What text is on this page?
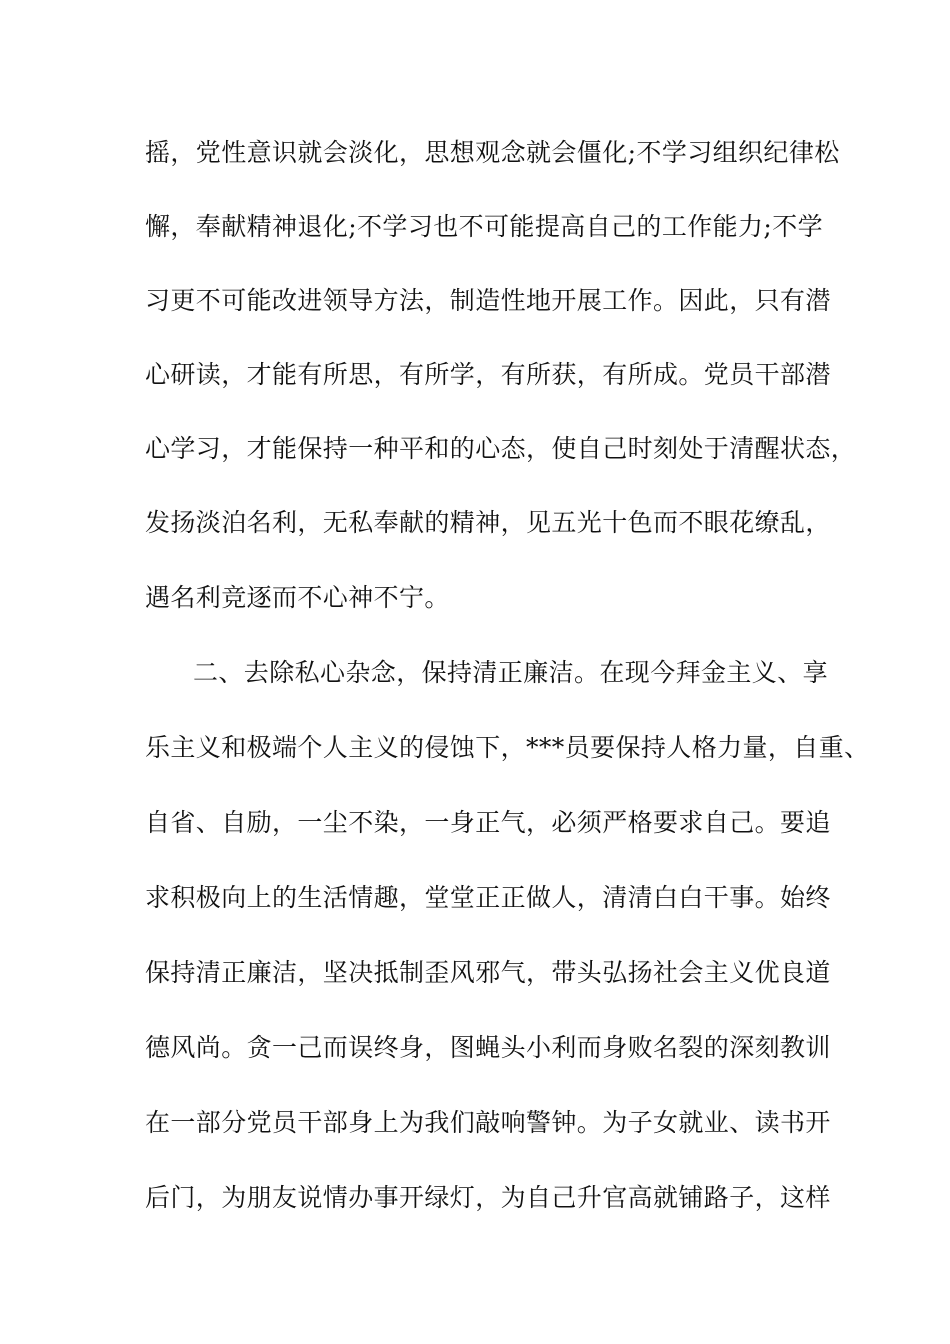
摇，党性意识就会淡化，思想观念就会僵化;不学习组织纪律松
懈，奉献精神退化;不学习也不可能提高自己的工作能力;不学
习更不可能改进领导方法，制造性地开展工作。因此，只有潜
心研读，才能有所思，有所学，有所获，有所成。党员干部潜
心学习，才能保持一种平和的心态，使自己时刻处于清醒状态，
发扬淡泊名利，无私奉献的精神，见五光十色而不眼花缭乱，
遇名利竞逐而不心神不宁。
二、去除私心杂念，保持清正廉洁。在现今拜金主义、享
乐主义和极端个人主义的侵蚀下，***员要保持人格力量，自重、
自省、自励，一尘不染，一身正气，必须严格要求自己。要追
求积极向上的生活情趣，堂堂正正做人，清清白白干事。始终
保持清正廉洁，坚决抵制歪风邪气，带头弘扬社会主义优良道
德风尚。贪一己而误终身，图蝇头小利而身败名裂的深刻教训
在一部分党员干部身上为我们敲响警钟。为子女就业、读书开
后门，为朋友说情办事开绿灯，为自己升官高就铺路子，这样
